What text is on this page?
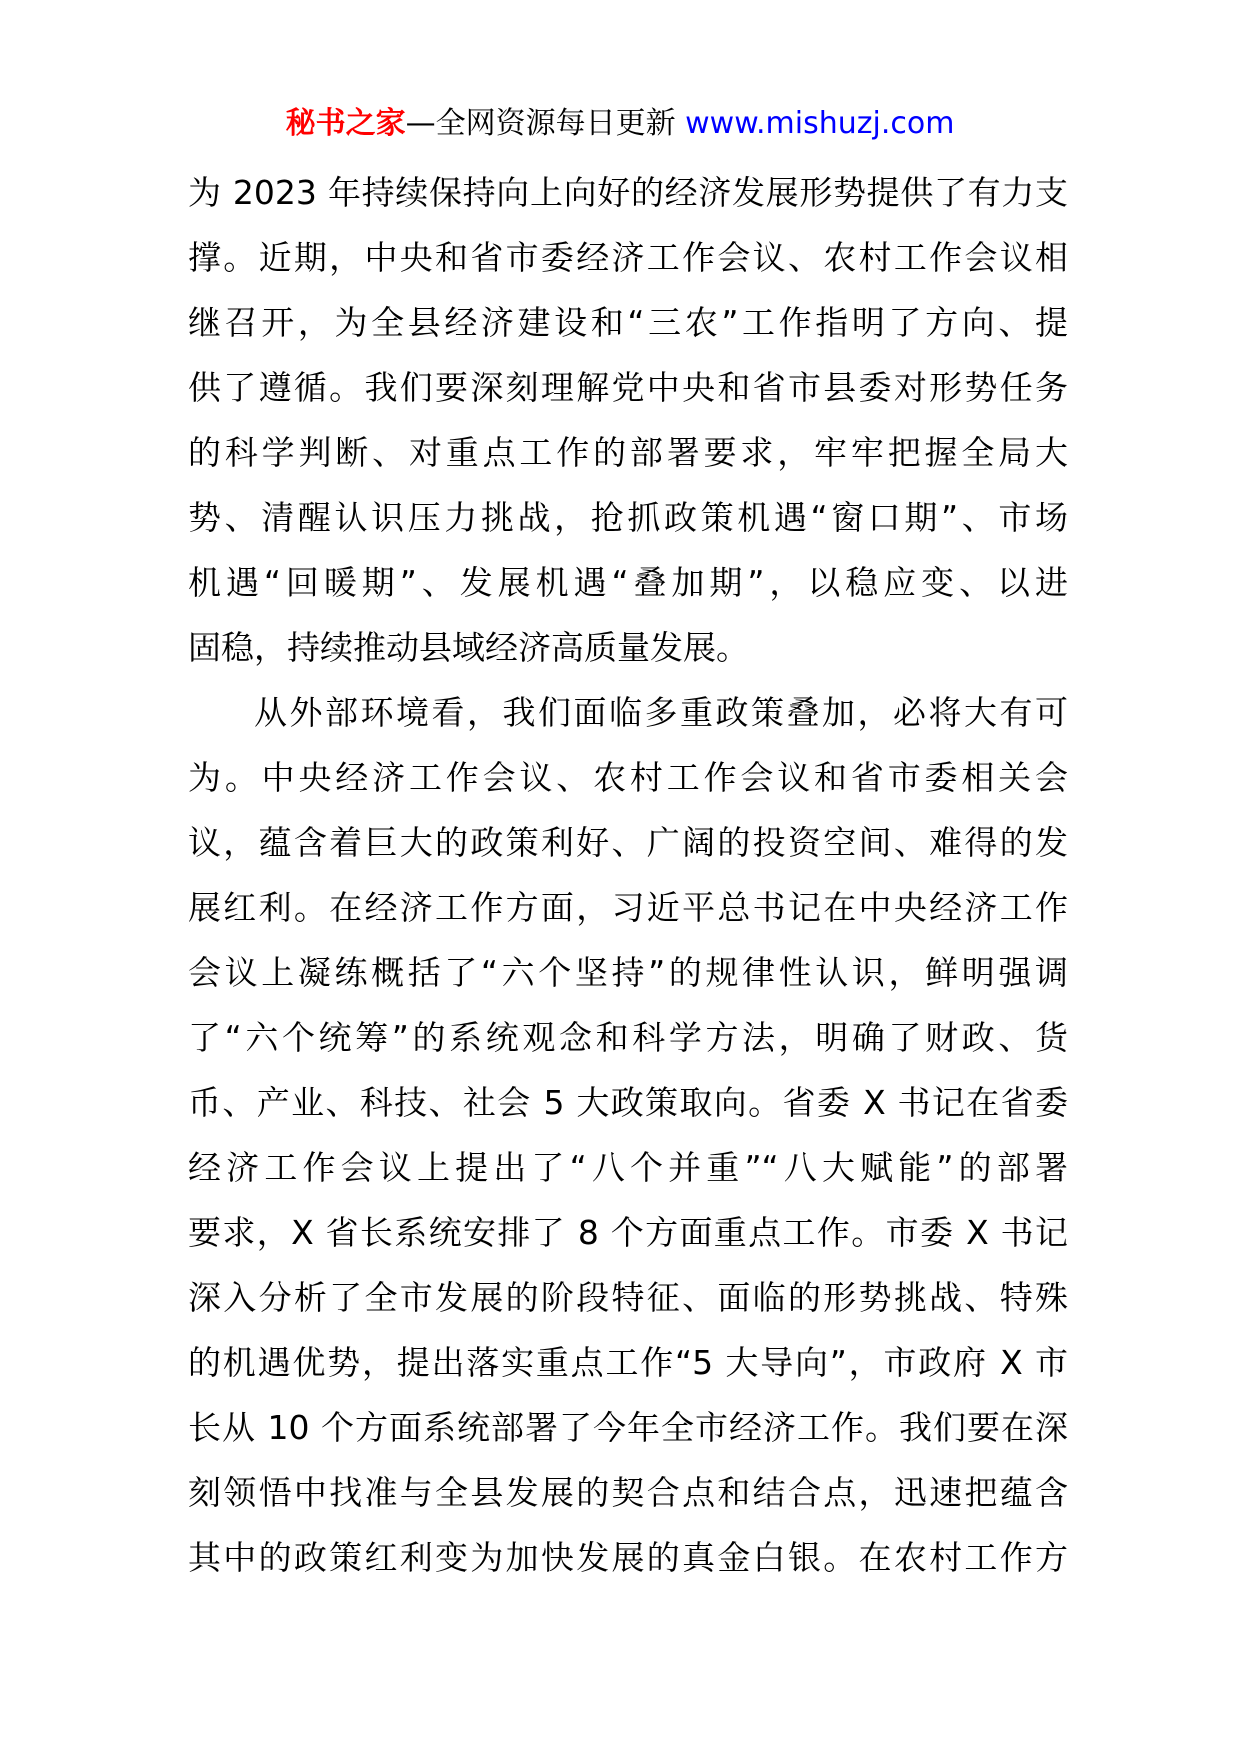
秘书之家—全网资源每日更新 www.mishuzj.com
为 2023 年持续保持向上向好的经济发展形势提供了有力支
撑。近期，中央和省市委经济工作会议、农村工作会议相
继召开，为全县经济建设和“三农”工作指明了方向、提
供了遵循。我们要深刻理解党中央和省市县委对形势任务
的科学判断、对重点工作的部署要求，牢牢把握全局大
势、清醒认识压力挑战，抢抓政策机遇“窗口期”、市场
机遇“回暖期”、发展机遇“叠加期”，以稳应变、以进
固稳，持续推动县域经济高质量发展。
从外部环境看，我们面临多重政策叠加，必将大有可
为。中央经济工作会议、农村工作会议和省市委相关会
议，蕴含着巨大的政策利好、广阔的投资空间、难得的发
展红利。在经济工作方面，习近平总书记在中央经济工作
会议上凝练概括了“六个坚持”的规律性认识，鲜明强调
了“六个统筹”的系统观念和科学方法，明确了财政、货
币、产业、科技、社会 5 大政策取向。省委 X 书记在省委
经济工作会议上提出了“八个并重”“八大赋能”的部署
要求，X 省长系统安排了 8 个方面重点工作。市委 X 书记
深入分析了全市发展的阶段特征、面临的形势挑战、特殊
的机遇优势，提出落实重点工作“5 大导向”，市政府 X 市
长从 10 个方面系统部署了今年全市经济工作。我们要在深
刻领悟中找准与全县发展的契合点和结合点，迅速把蕴含
其中的政策红利变为加快发展的真金白银。在农村工作方
